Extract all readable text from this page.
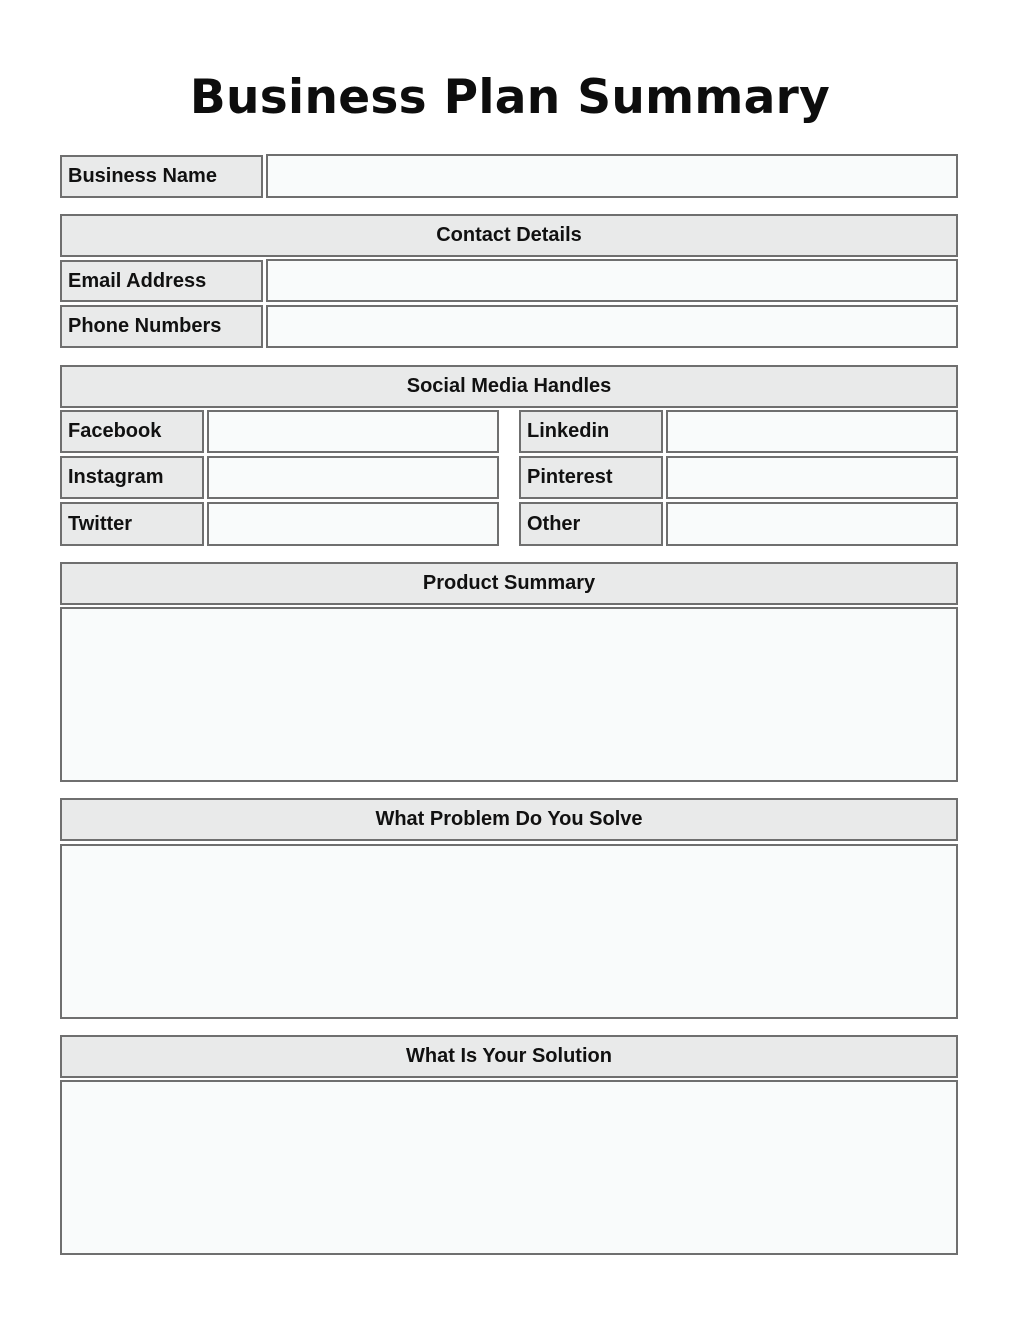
Business Plan Summary
Business Name
Contact Details
Email Address
Phone Numbers
Social Media Handles
Facebook	Linkedin
Instagram	Pinterest
Twitter	Other
Product Summary
What Problem Do You Solve
What Is Your Solution
